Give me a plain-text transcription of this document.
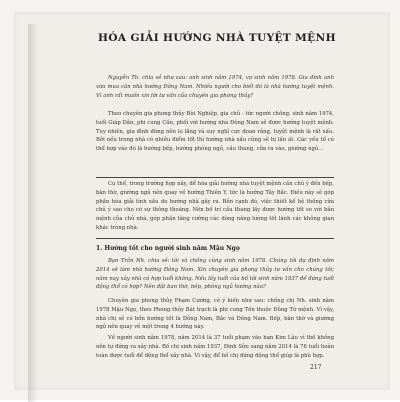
HÓA GIẢI HƯỚNG NHÀ TUYỆT MỆNH
Nguyễn Th. chia sẻ như sau: anh sinh năm 1974, vợ sinh năm 1978. Gia đình anh vừa mua căn nhà hướng Đông Nam. Nhiều người cho biết đó là nhà hướng tuyệt mệnh. Vì anh rất muốn xin lời tư vấn của chuyên gia phong thủy?
Theo chuyên gia phong thủy Bùi Nghiệp, gia chủ - tức người chồng, sinh năm 1974, tuổi Giáp Dần, phi cung Cấn, phối với hướng nhà Đông Nam sẽ được hướng tuyệt mệnh. Tuy nhiên, gia đình đừng nên lo lắng và suy nghĩ cực đoan rằng, tuyệt mệnh là rất xấu. Bởi nếu trong nhà có nhiều điểm tốt thì hướng nhà xấu cũng sẽ bị lấn át. Các yếu tố có thể hợp vào đó là hướng bếp, hướng phòng ngủ, cầu thang, cửa ra vào, giường ngủ...
Cụ thể, trong trường hợp này, để hóa giải hướng nhà tuyệt mệnh cần chú ý đến bếp, bàn thờ, giường ngủ nên quay về hướng Thiên Y, tức là hướng Tây Bắc. Điều này sẽ góp phần hóa giải tình xấu do hướng nhà gây ra. Bên cạnh đó, việc thiết kế hệ thống cửa chủ ý sao cho có sự thông thoáng. Nên bố trí cầu thang lấy được hướng tốt so với bản mệnh của chủ nhà, góp phần tăng cường các dòng năng lượng tốt lành các không gian khác trong nhà.
1. Hướng tốt cho người sinh năm Mậu Ngọ
Bạn Trần Nh. chia sẻ: tôi và chồng cùng sinh năm 1978. Chúng tôi dự định năm 2014 sẽ làm nhà hướng Đông Nam. Xin chuyên gia phong thủy tư vấn cho chúng tôi; năm nay xây nhà có hợp tuổi không. Nếu lấy tuổi của bố tôi sinh năm 1937 để đứng tuổi động thổ có hợp? Nên đặt ban thờ, bếp, phòng ngủ hướng nào?
Chuyên gia phong thủy Phạm Cương, có ý kiến như sau: chồng chị Nh. sinh năm 1978 Mậu Ngọ, theo Phong thủy Bát trạch là phi cung Tốn thuộc Đông Tứ mệnh. Vì vậy, nhà chị sẽ có bốn hướng tốt là Đông Nam, Bắc và Đông Nam. Bếp, bàn thờ và giường ngủ nên quay về một trong 4 hướng này.
Về người sinh năm 1978, năm 2014 là 37 tuổi phạm vào hạn Kim Lâu vì thế không nên tự đứng ra xây nhà. Bố chị sinh năm 1937, Đinh Sửu sang năm 2014 là 78 tuổi hoàn toàn được tuổi để động thổ xây nhà. Vì vậy, để bố chị đứng động thổ giúp là phù hợp.
217
